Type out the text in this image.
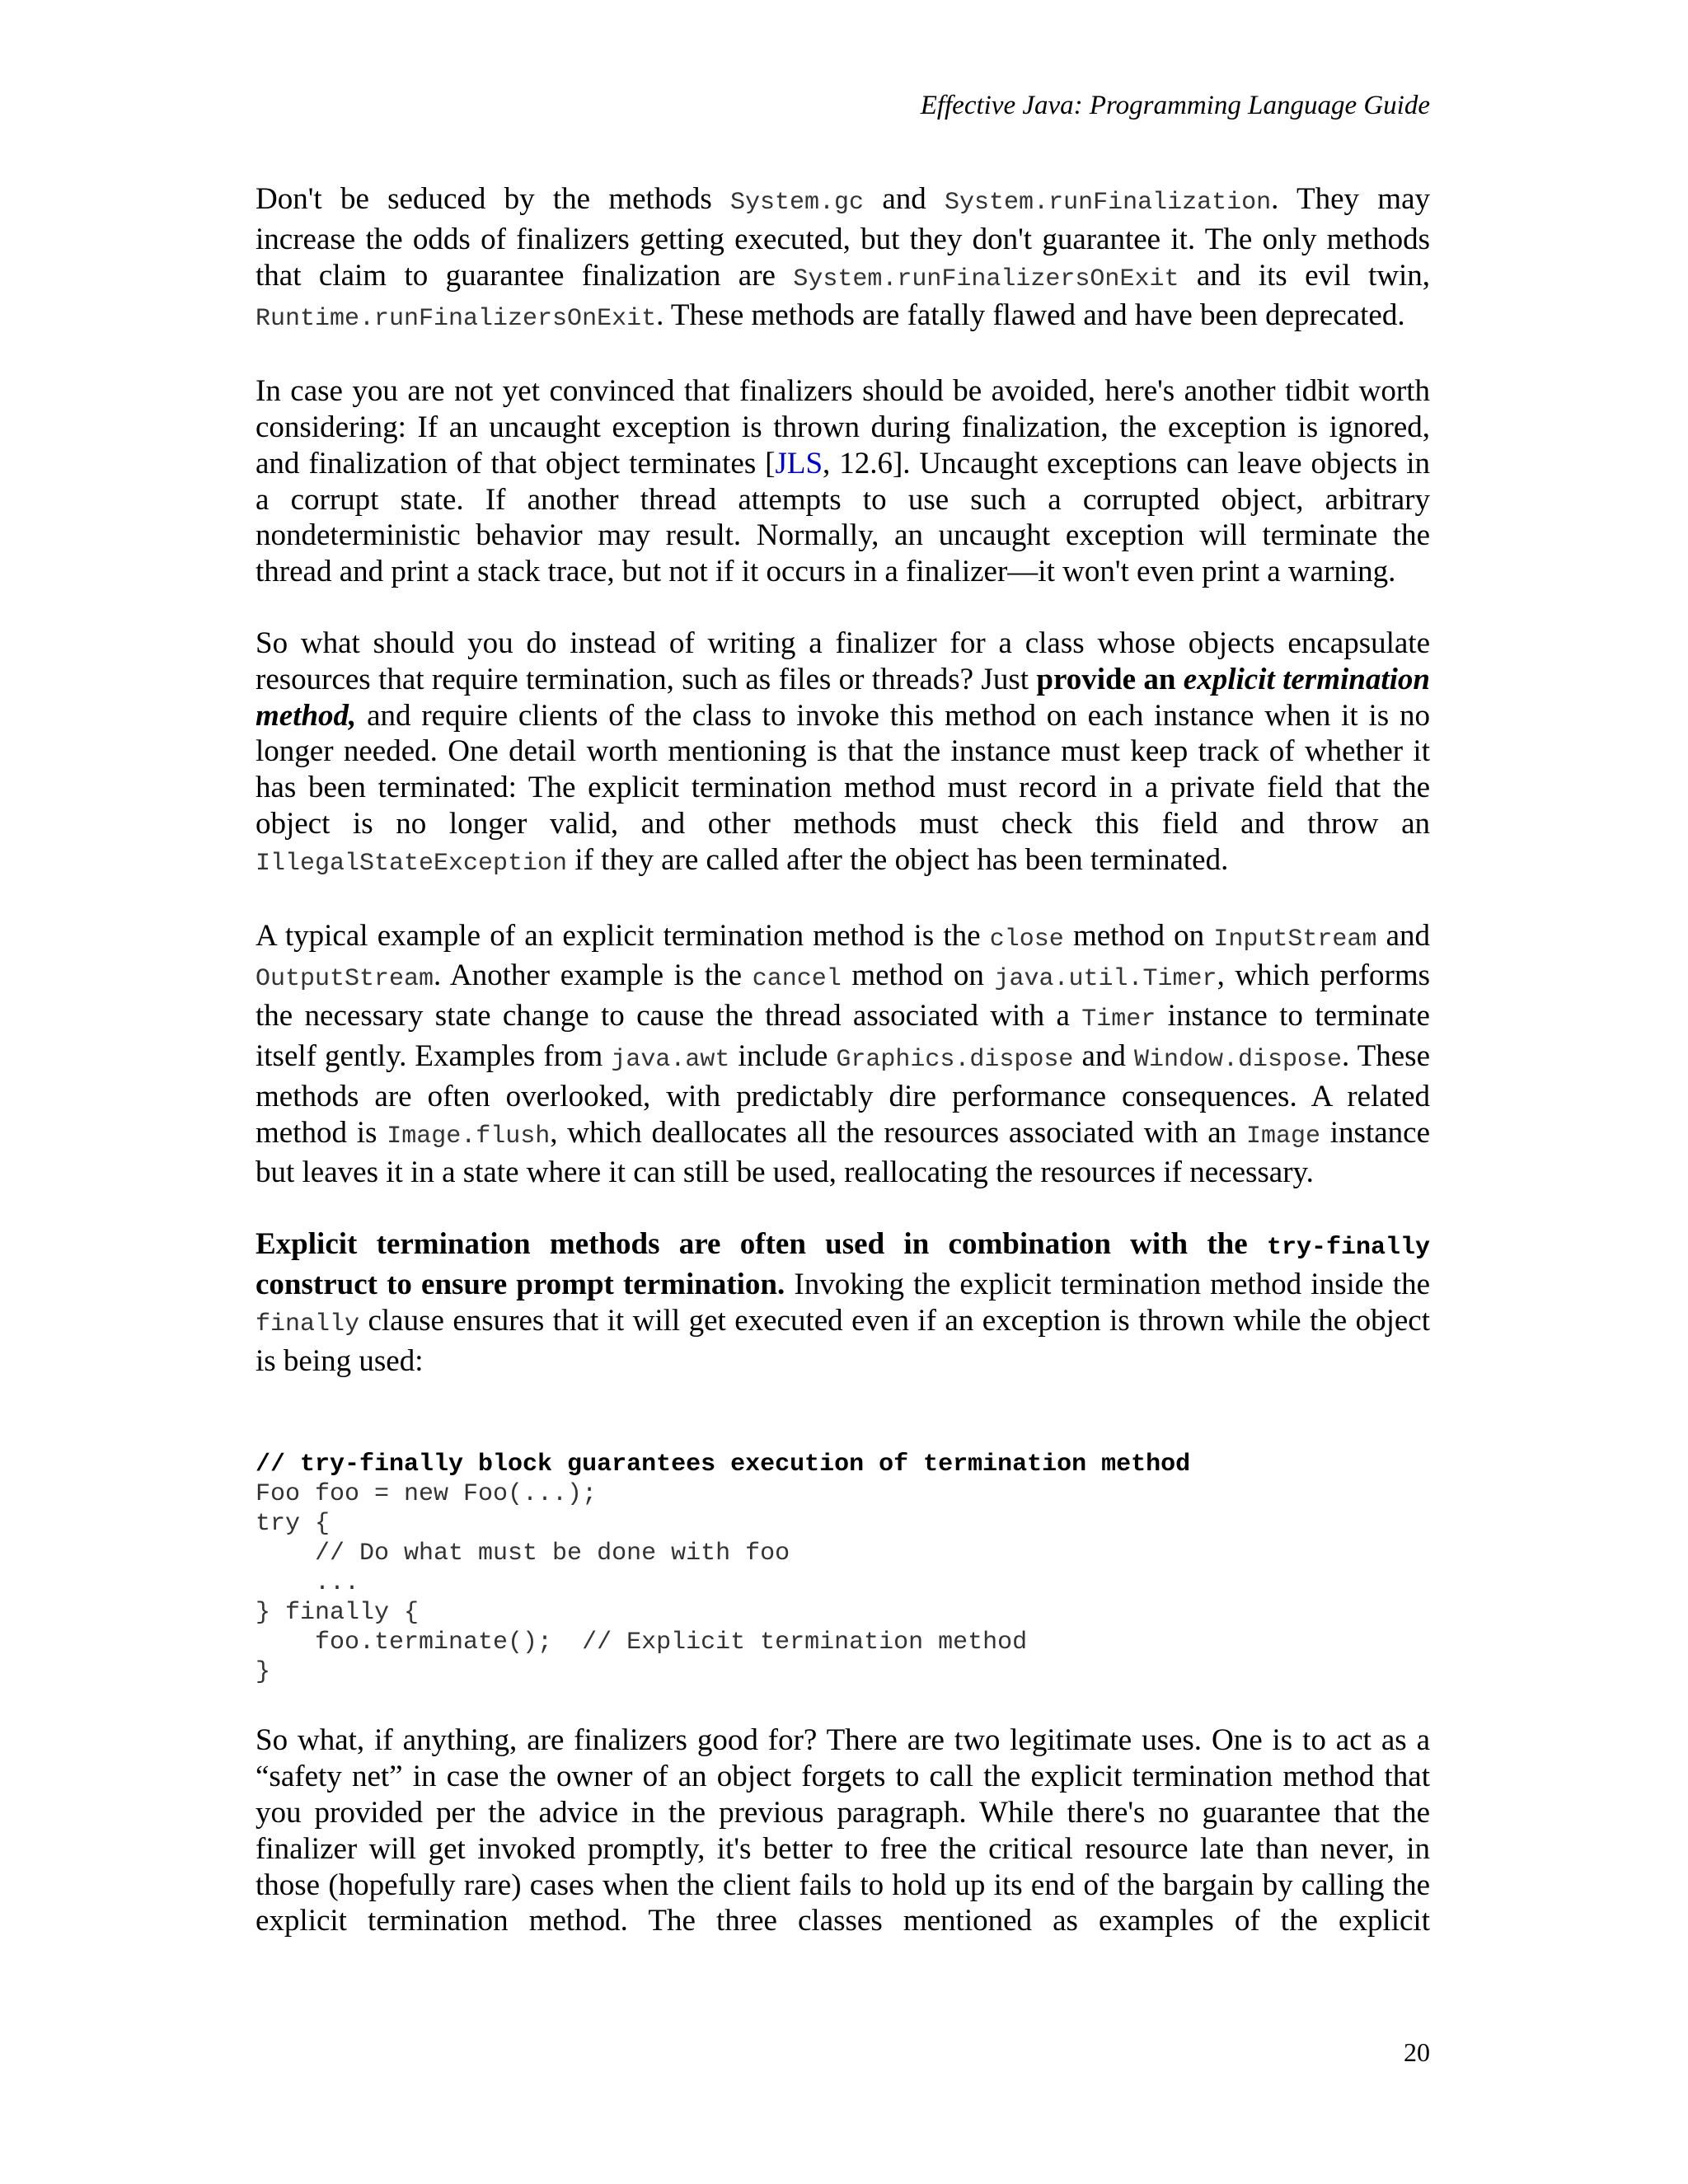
Effective Java: Programming Language Guide

Don't be seduced by the methods System.gc and System.runFinalization. They may increase the odds of finalizers getting executed, but they don't guarantee it. The only methods that claim to guarantee finalization are System.runFinalizersOnExit and its evil twin, Runtime.runFinalizersOnExit. These methods are fatally flawed and have been deprecated.

In case you are not yet convinced that finalizers should be avoided, here's another tidbit worth considering: If an uncaught exception is thrown during finalization, the exception is ignored, and finalization of that object terminates [JLS, 12.6]. Uncaught exceptions can leave objects in a corrupt state. If another thread attempts to use such a corrupted object, arbitrary nondeterministic behavior may result. Normally, an uncaught exception will terminate the thread and print a stack trace, but not if it occurs in a finalizer—it won't even print a warning.

So what should you do instead of writing a finalizer for a class whose objects encapsulate resources that require termination, such as files or threads? Just provide an explicit termination method, and require clients of the class to invoke this method on each instance when it is no longer needed. One detail worth mentioning is that the instance must keep track of whether it has been terminated: The explicit termination method must record in a private field that the object is no longer valid, and other methods must check this field and throw an IllegalStateException if they are called after the object has been terminated.

A typical example of an explicit termination method is the close method on InputStream and OutputStream. Another example is the cancel method on java.util.Timer, which performs the necessary state change to cause the thread associated with a Timer instance to terminate itself gently. Examples from java.awt include Graphics.dispose and Window.dispose. These methods are often overlooked, with predictably dire performance consequences. A related method is Image.flush, which deallocates all the resources associated with an Image instance but leaves it in a state where it can still be used, reallocating the resources if necessary.

Explicit termination methods are often used in combination with the try-finally construct to ensure prompt termination. Invoking the explicit termination method inside the finally clause ensures that it will get executed even if an exception is thrown while the object is being used:

// try-finally block guarantees execution of termination method
Foo foo = new Foo(...);
try {
// Do what must be done with foo
...
} finally {
foo.terminate();  // Explicit termination method
}

So what, if anything, are finalizers good for? There are two legitimate uses. One is to act as a “safety net” in case the owner of an object forgets to call the explicit termination method that you provided per the advice in the previous paragraph. While there's no guarantee that the finalizer will get invoked promptly, it's better to free the critical resource late than never, in those (hopefully rare) cases when the client fails to hold up its end of the bargain by calling the explicit termination method. The three classes mentioned as examples of the explicit

20
